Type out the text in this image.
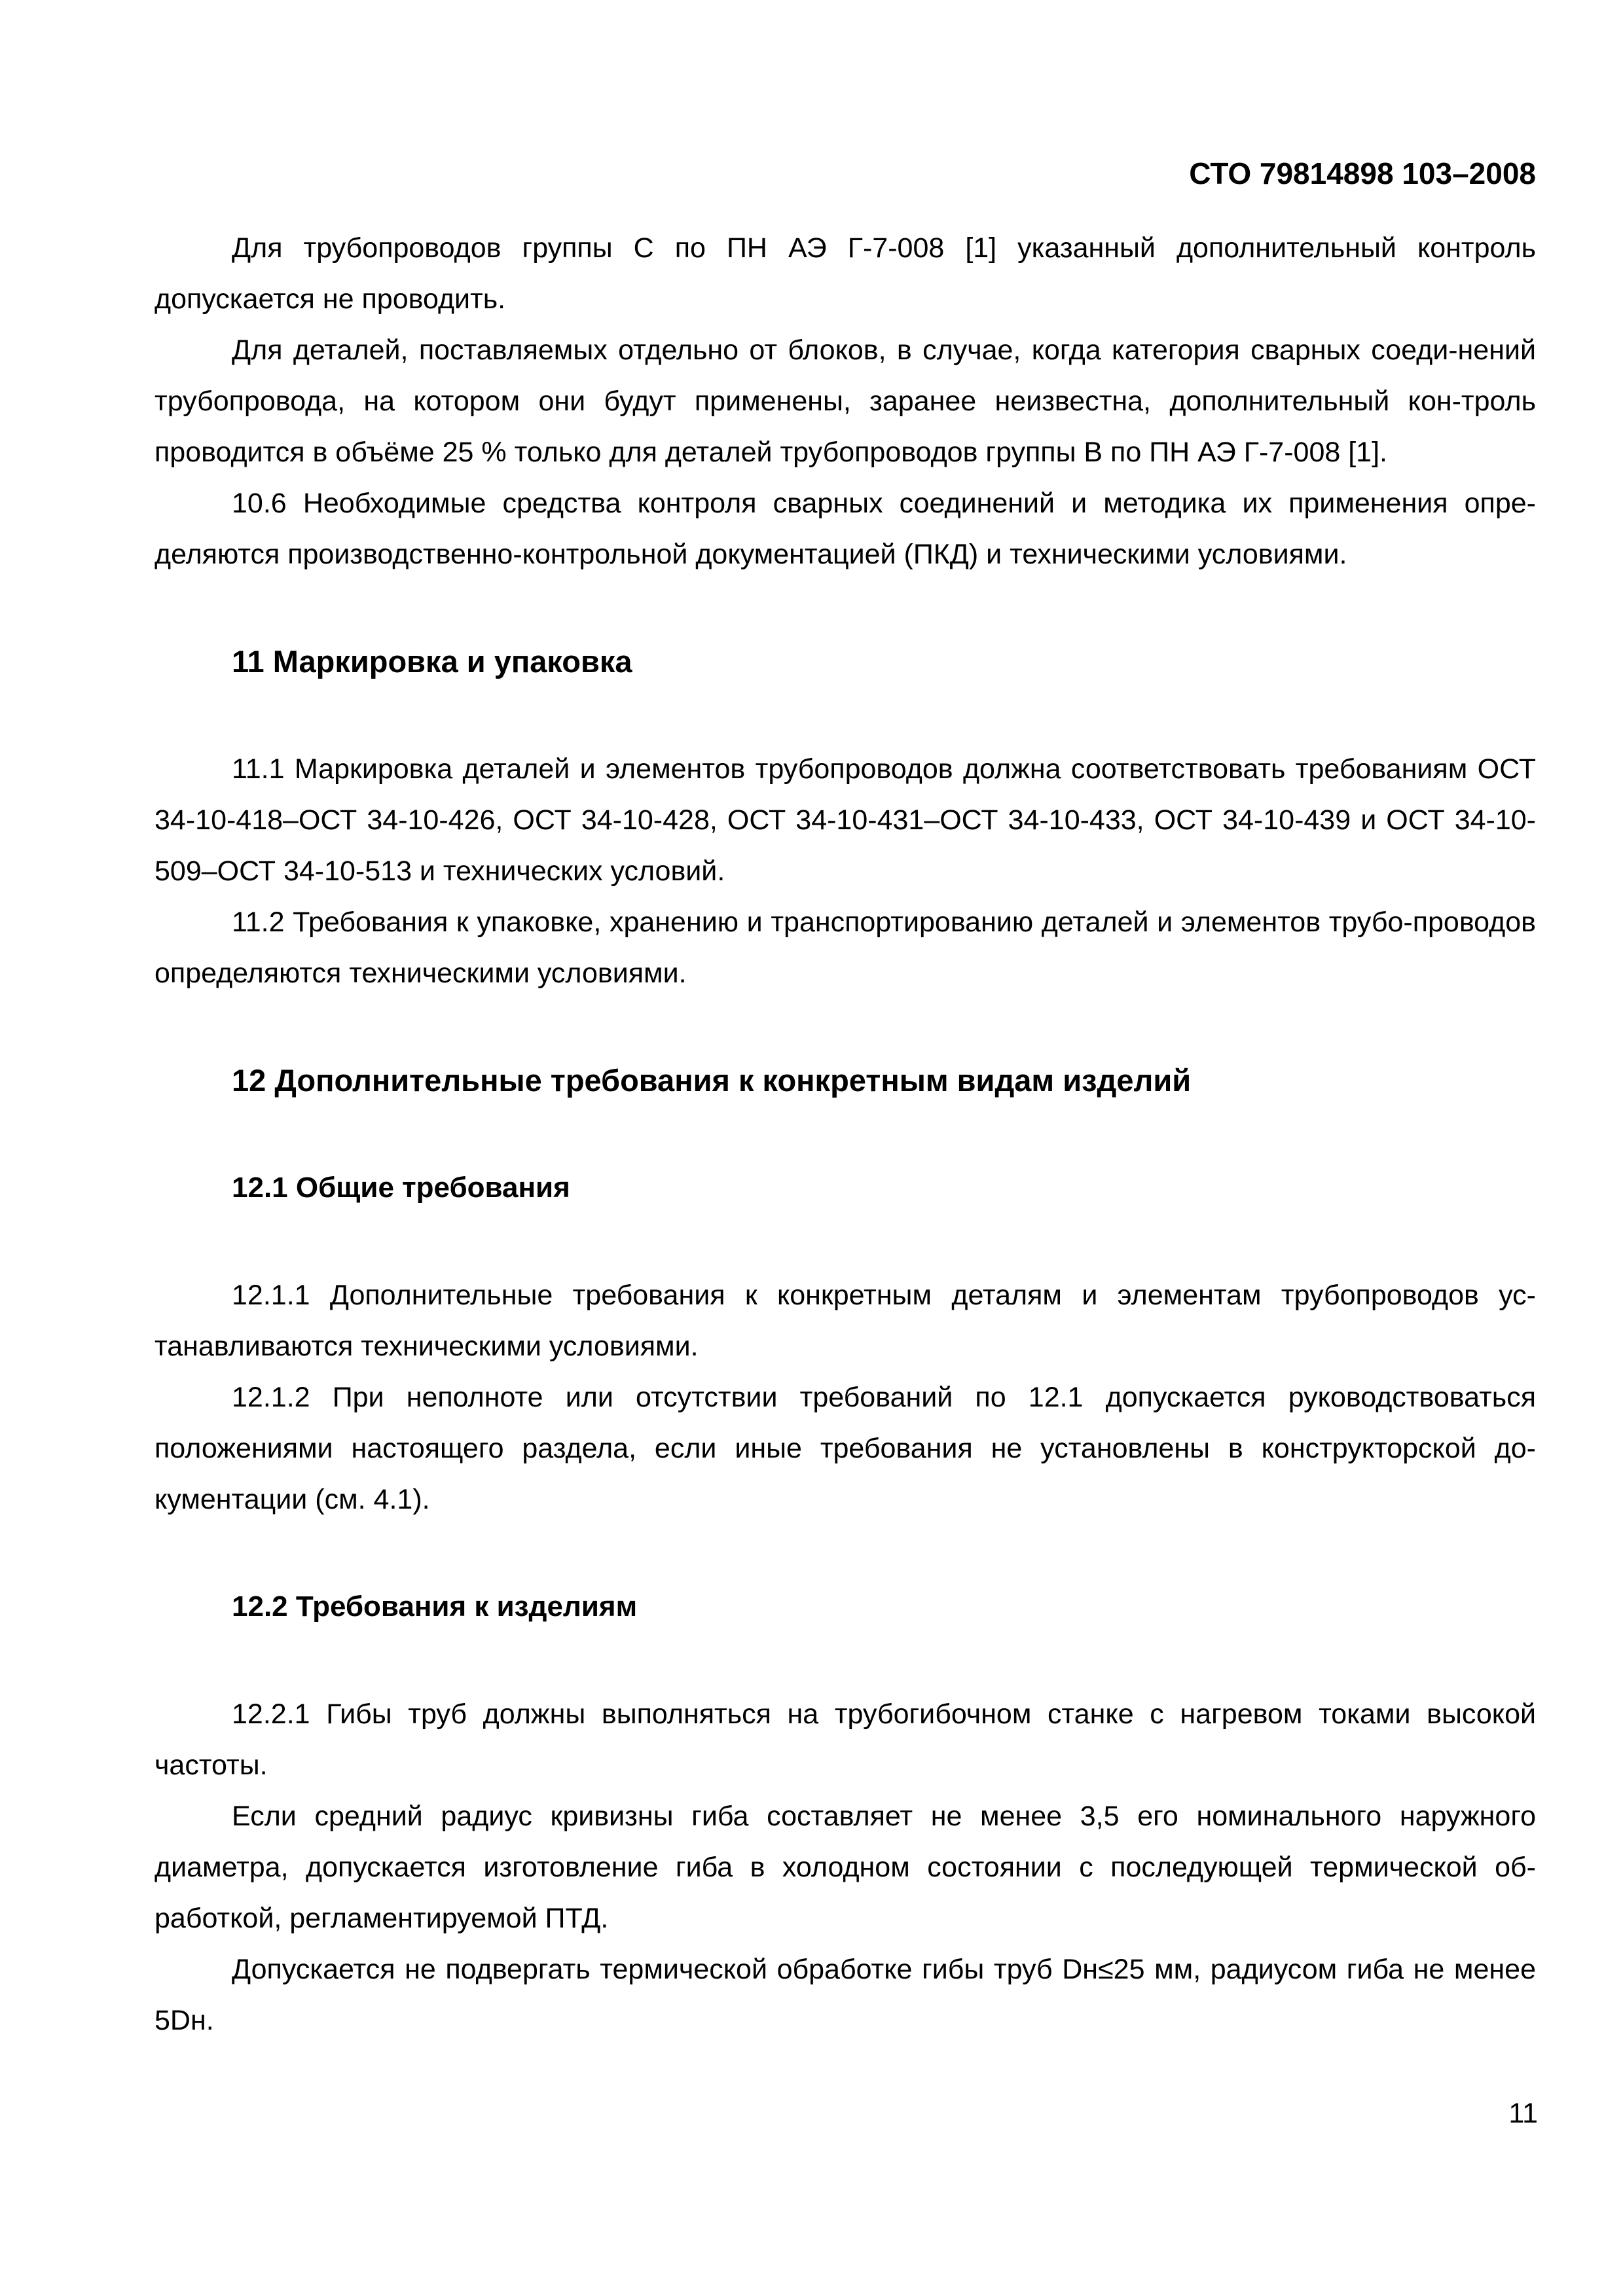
СТО 79814898 103–2008

Для трубопроводов группы С по ПН АЭ Г-7-008 [1] указанный дополнительный контроль допускается не проводить.

Для деталей, поставляемых отдельно от блоков, в случае, когда категория сварных соеди-нений трубопровода, на котором они будут применены, заранее неизвестна, дополнительный кон-троль проводится в объёме 25 % только для деталей трубопроводов группы В по ПН АЭ Г-7-008 [1].

10.6 Необходимые средства контроля сварных соединений и методика их применения опре-деляются производственно-контрольной документацией (ПКД) и техническими условиями.

11 Маркировка и упаковка

11.1 Маркировка деталей и элементов трубопроводов должна соответствовать требованиям ОСТ 34-10-418–ОСТ 34-10-426, ОСТ 34-10-428, ОСТ 34-10-431–ОСТ 34-10-433, ОСТ 34-10-439 и ОСТ 34-10-509–ОСТ 34-10-513 и технических условий.

11.2 Требования к упаковке, хранению и транспортированию деталей и элементов трубо-проводов определяются техническими условиями.

12 Дополнительные требования к конкретным видам изделий
12.1 Общие требования

12.1.1 Дополнительные требования к конкретным деталям и элементам трубопроводов ус-танавливаются техническими условиями.

12.1.2 При неполноте или отсутствии требований по 12.1 допускается руководствоваться положениями настоящего раздела, если иные требования не установлены в конструкторской до-кументации (см. 4.1).

12.2 Требования к изделиям

12.2.1 Гибы труб должны выполняться на трубогибочном станке с нагревом токами высокой частоты.

Если средний радиус кривизны гиба составляет не менее 3,5 его номинального наружного диаметра, допускается изготовление гиба в холодном состоянии с последующей термической об-работкой, регламентируемой ПТД.

Допускается не подвергать термической обработке гибы труб Dн≤25 мм, радиусом гиба не менее 5Dн.

11
